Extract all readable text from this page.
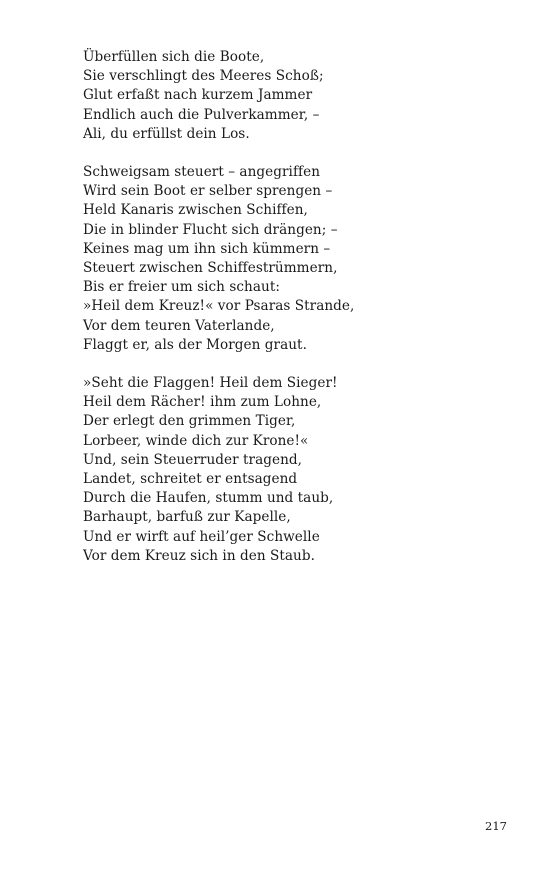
Überfüllen sich die Boote,
Sie verschlingt des Meeres Schoß;
Glut erfaßt nach kurzem Jammer
Endlich auch die Pulverkammer, –
Ali, du erfüllst dein Los.
Schweigsam steuert – angegriffen
Wird sein Boot er selber sprengen –
Held Kanaris zwischen Schiffen,
Die in blinder Flucht sich drängen; –
Keines mag um ihn sich kümmern –
Steuert zwischen Schiffestrümmern,
Bis er freier um sich schaut:
»Heil dem Kreuz!« vor Psaras Strande,
Vor dem teuren Vaterlande,
Flaggt er, als der Morgen graut.
»Seht die Flaggen! Heil dem Sieger!
Heil dem Rächer! ihm zum Lohne,
Der erlegt den grimmen Tiger,
Lorbeer, winde dich zur Krone!«
Und, sein Steuerruder tragend,
Landet, schreitet er entsagend
Durch die Haufen, stumm und taub,
Barhaupt, barfuß zur Kapelle,
Und er wirft auf heil’ger Schwelle
Vor dem Kreuz sich in den Staub.
217
